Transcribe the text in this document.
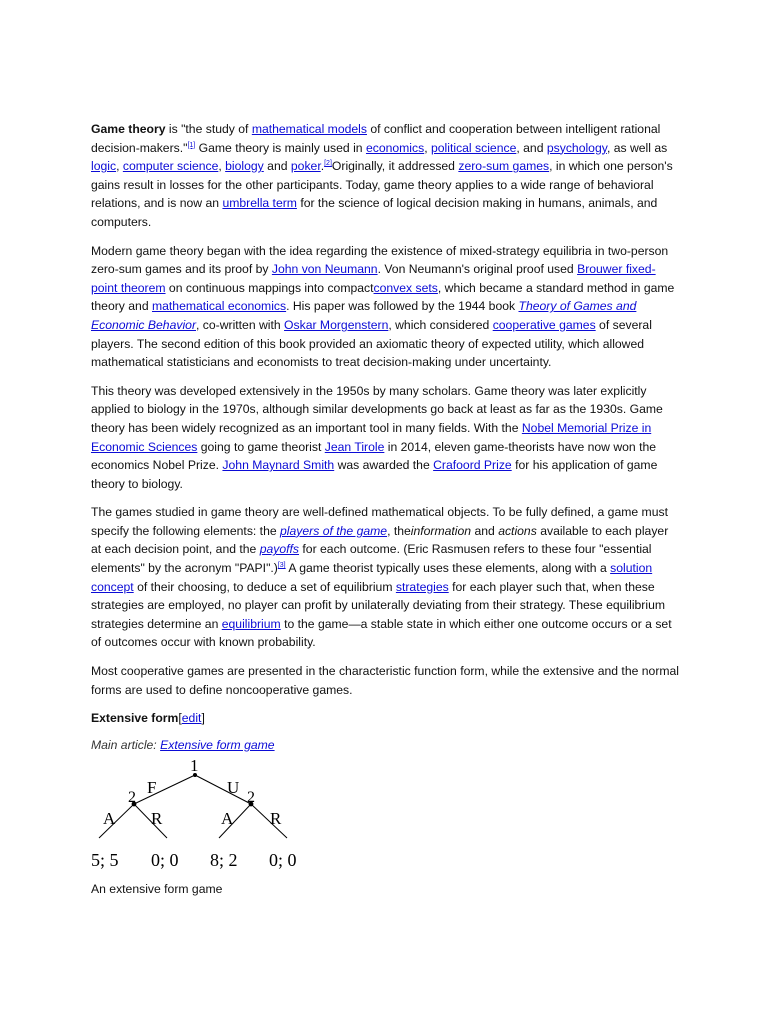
Game theory is "the study of mathematical models of conflict and cooperation between intelligent rational decision-makers."[1] Game theory is mainly used in economics, political science, and psychology, as well as logic, computer science, biology and poker.[2]Originally, it addressed zero-sum games, in which one person's gains result in losses for the other participants. Today, game theory applies to a wide range of behavioral relations, and is now an umbrella term for the science of logical decision making in humans, animals, and computers.

Modern game theory began with the idea regarding the existence of mixed-strategy equilibria in two-person zero-sum games and its proof by John von Neumann. Von Neumann's original proof used Brouwer fixed-point theorem on continuous mappings into compactconvex sets, which became a standard method in game theory and mathematical economics. His paper was followed by the 1944 book Theory of Games and Economic Behavior, co-written with Oskar Morgenstern, which considered cooperative games of several players. The second edition of this book provided an axiomatic theory of expected utility, which allowed mathematical statisticians and economists to treat decision-making under uncertainty.

This theory was developed extensively in the 1950s by many scholars. Game theory was later explicitly applied to biology in the 1970s, although similar developments go back at least as far as the 1930s. Game theory has been widely recognized as an important tool in many fields. With the Nobel Memorial Prize in Economic Sciences going to game theorist Jean Tirole in 2014, eleven game-theorists have now won the economics Nobel Prize. John Maynard Smith was awarded the Crafoord Prize for his application of game theory to biology.

The games studied in game theory are well-defined mathematical objects. To be fully defined, a game must specify the following elements: the players of the game, theinformation and actions available to each player at each decision point, and the payoffs for each outcome. (Eric Rasmusen refers to these four "essential elements" by the acronym "PAPI".)[3] A game theorist typically uses these elements, along with a solution concept of their choosing, to deduce a set of equilibrium strategies for each player such that, when these strategies are employed, no player can profit by unilaterally deviating from their strategy. These equilibrium strategies determine an equilibrium to the game—a stable state in which either one outcome occurs or a set of outcomes occur with known probability.

Most cooperative games are presented in the characteristic function form, while the extensive and the normal forms are used to define noncooperative games.

Extensive form[edit]

Main article: Extensive form game

1
F	U
2	2
A R	A R
5; 5 0; 0 8; 2 0; 0

An extensive form game
